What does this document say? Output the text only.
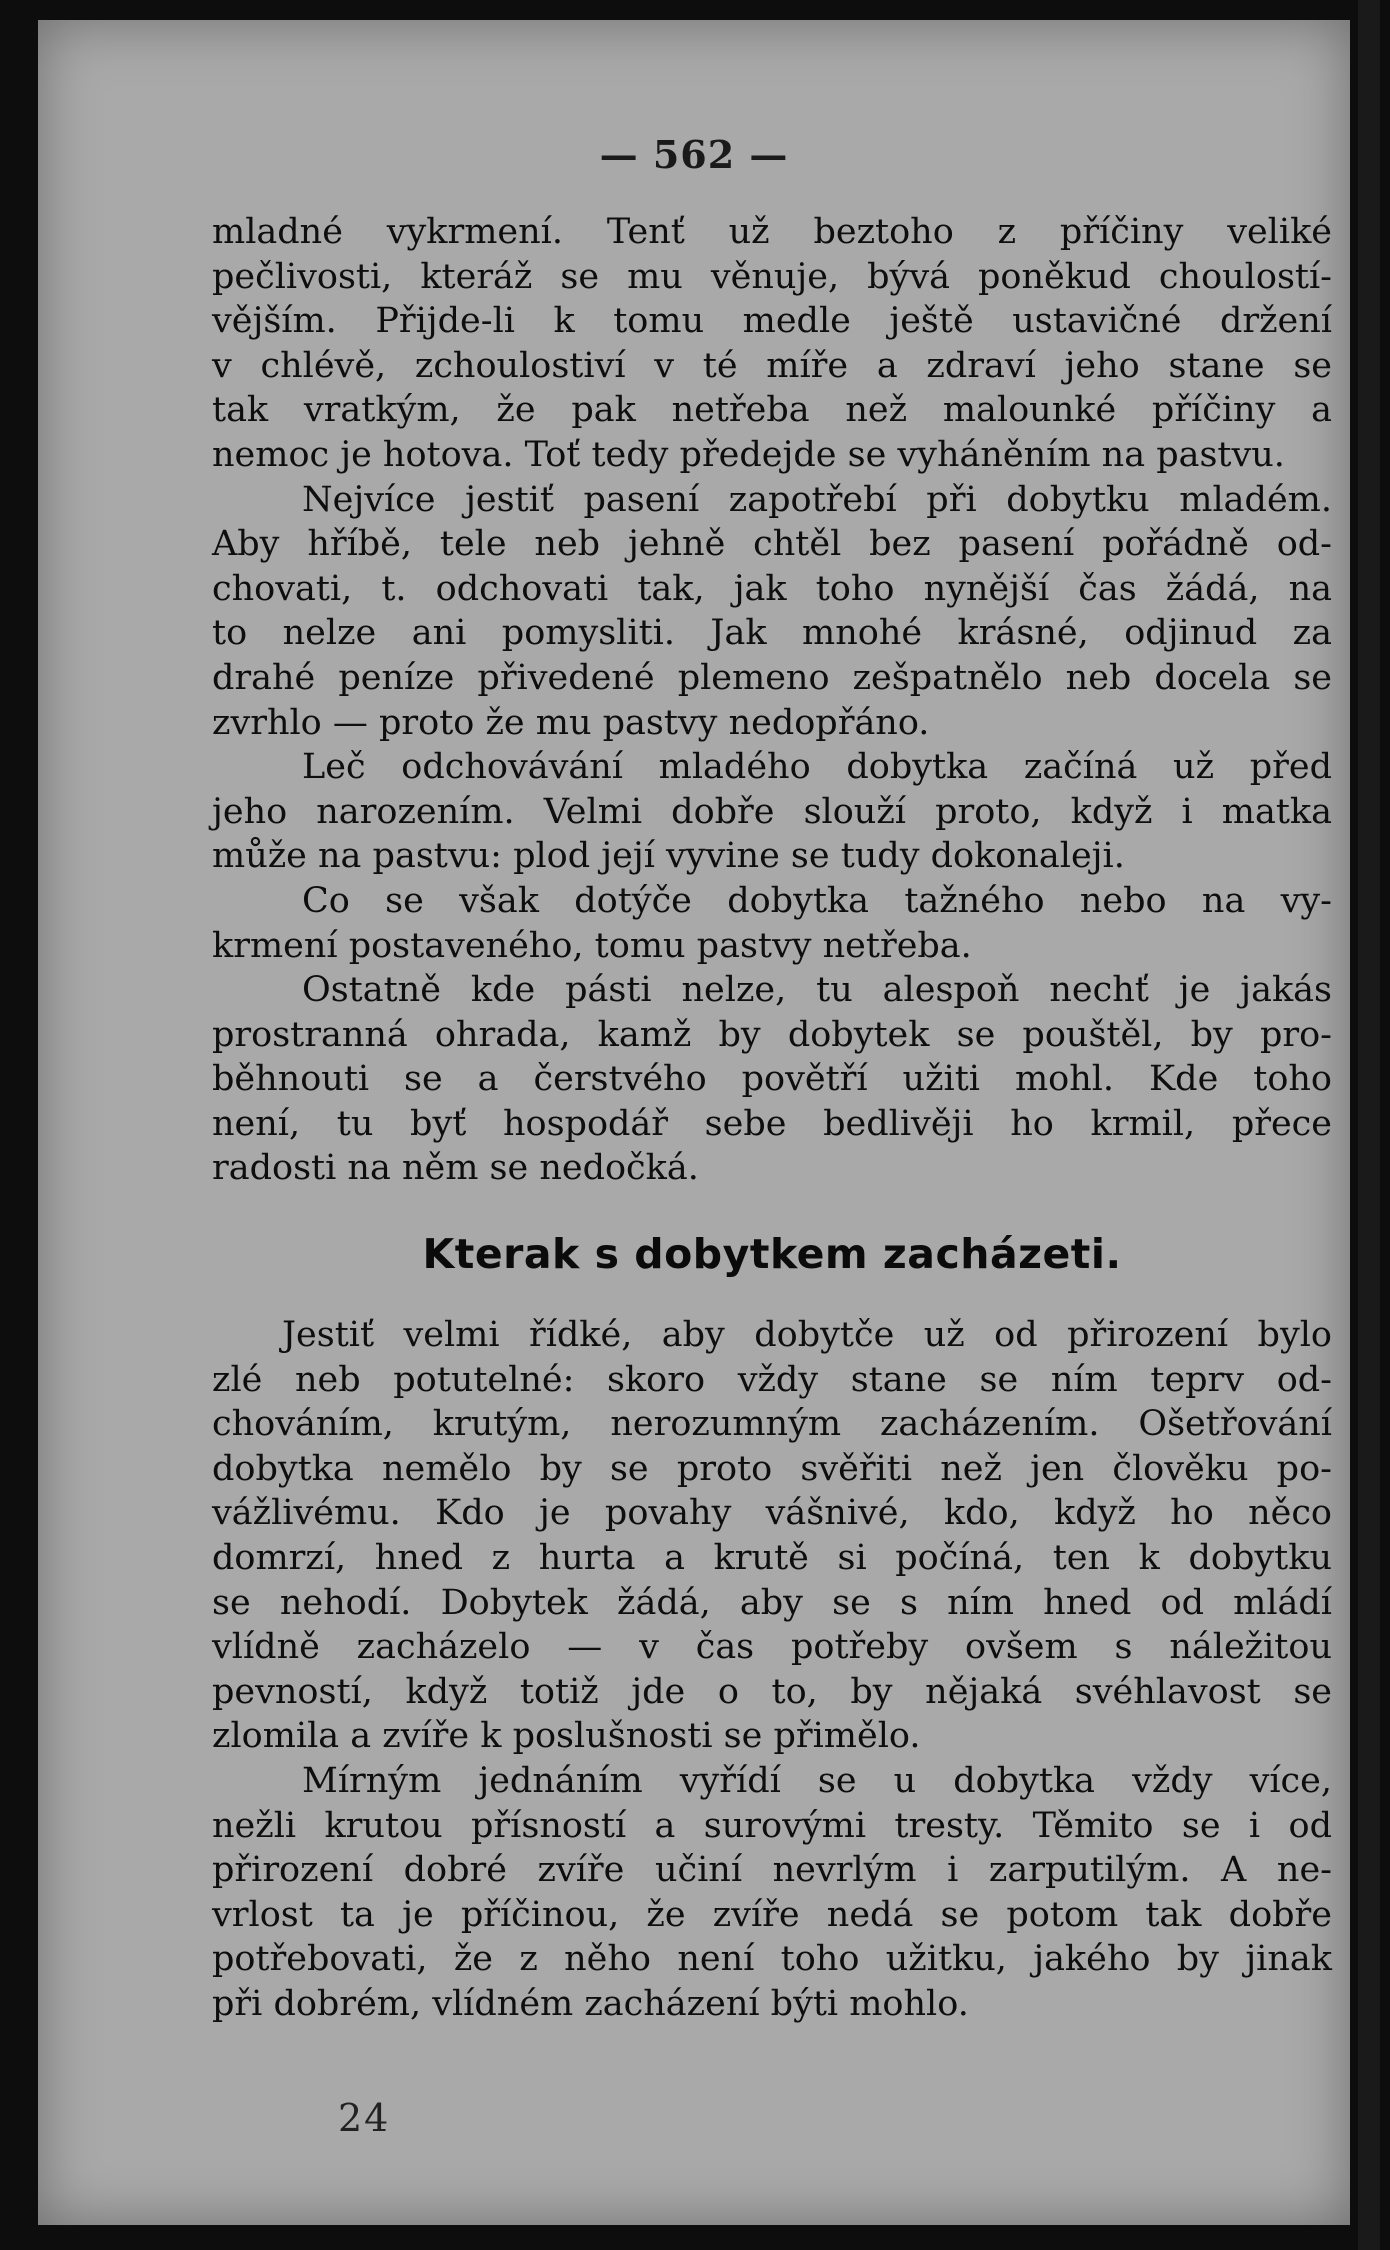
— 562 —
mladné vykrmení. Tenť už beztoho z příčiny veliké
pečlivosti, kteráž se mu věnuje, bývá poněkud choulostí-
vějším. Přijde-li k tomu medle ještě ustavičné držení
v chlévě, zchoulostiví v té míře a zdraví jeho stane se
tak vratkým, že pak netřeba než malounké příčiny a
nemoc je hotova. Toť tedy předejde se vyháněním na pastvu.
Nejvíce jestiť pasení zapotřebí při dobytku mladém.
Aby hříbě, tele neb jehně chtěl bez pasení pořádně od-
chovati, t. odchovati tak, jak toho nynější čas žádá, na
to nelze ani pomysliti. Jak mnohé krásné, odjinud za
drahé peníze přivedené plemeno zešpatnělo neb docela se
zvrhlo — proto že mu pastvy nedopřáno.
Leč odchovávání mladého dobytka začíná už před
jeho narozením. Velmi dobře slouží proto, když i matka
může na pastvu: plod její vyvine se tudy dokonaleji.
Co se však dotýče dobytka tažného nebo na vy-
krmení postaveného, tomu pastvy netřeba.
Ostatně kde pásti nelze, tu alespoň nechť je jakás
prostranná ohrada, kamž by dobytek se pouštěl, by pro-
běhnouti se a čerstvého povětří užiti mohl. Kde toho
není, tu byť hospodář sebe bedlivěji ho krmil, přece
radosti na něm se nedočká.
Kterak s dobytkem zacházeti.
Jestiť velmi řídké, aby dobytče už od přirození bylo
zlé neb potutelné: skoro vždy stane se ním teprv od-
chováním, krutým, nerozumným zacházením. Ošetřování
dobytka nemělo by se proto svěřiti než jen člověku po-
vážlivému. Kdo je povahy vášnivé, kdo, když ho něco
domrzí, hned z hurta a krutě si počíná, ten k dobytku
se nehodí. Dobytek žádá, aby se s ním hned od mládí
vlídně zacházelo — v čas potřeby ovšem s náležitou
pevností, když totiž jde o to, by nějaká svéhlavost se
zlomila a zvíře k poslušnosti se přimělo.
Mírným jednáním vyřídí se u dobytka vždy více,
nežli krutou přísností a surovými tresty. Těmito se i od
přirození dobré zvíře učiní nevrlým i zarputilým. A ne-
vrlost ta je příčinou, že zvíře nedá se potom tak dobře
potřebovati, že z něho není toho užitku, jakého by jinak
při dobrém, vlídném zacházení býti mohlo.
24
